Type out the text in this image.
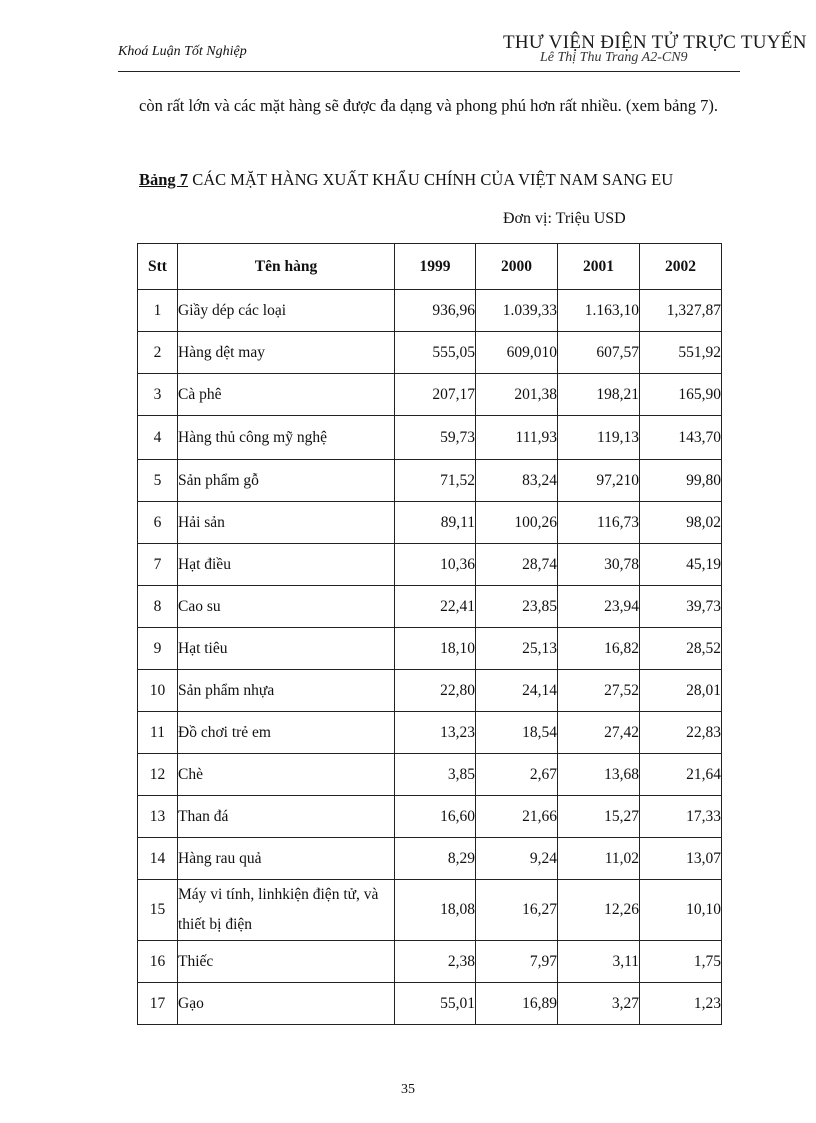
Khoá Luận Tốt Nghiệp	Lê Thị Thu Trang A2-CN9
THƯ VIỆN ĐIỆN TỬ TRỰC TUYẾN
còn rất lớn và các mặt hàng sẽ được đa dạng và phong phú hơn rất nhiều. (xem bảng 7).
Bảng 7 CÁC MẶT HÀNG XUẤT KHẨU CHÍNH CỦA VIỆT NAM SANG EU
Đơn vị: Triệu USD
Stt	Tên hàng	1999	2000	2001	2002
1	Giầy dép các loại	936,96	1.039,33	1.163,10	1,327,87
2	Hàng dệt may	555,05	609,010	607,57	551,92
3	Cà phê	207,17	201,38	198,21	165,90
4	Hàng thủ công mỹ nghệ	59,73	111,93	119,13	143,70
5	Sản phẩm gỗ	71,52	83,24	97,210	99,80
6	Hải sản	89,11	100,26	116,73	98,02
7	Hạt điều	10,36	28,74	30,78	45,19
8	Cao su	22,41	23,85	23,94	39,73
9	Hạt tiêu	18,10	25,13	16,82	28,52
10	Sản phẩm nhựa	22,80	24,14	27,52	28,01
11	Đồ chơi trẻ em	13,23	18,54	27,42	22,83
12	Chè	3,85	2,67	13,68	21,64
13	Than đá	16,60	21,66	15,27	17,33
14	Hàng rau quả	8,29	9,24	11,02	13,07
15	Máy vi tính, linhkiện điện tử, và thiết bị điện	18,08	16,27	12,26	10,10
16	Thiếc	2,38	7,97	3,11	1,75
17	Gạo	55,01	16,89	3,27	1,23
35
